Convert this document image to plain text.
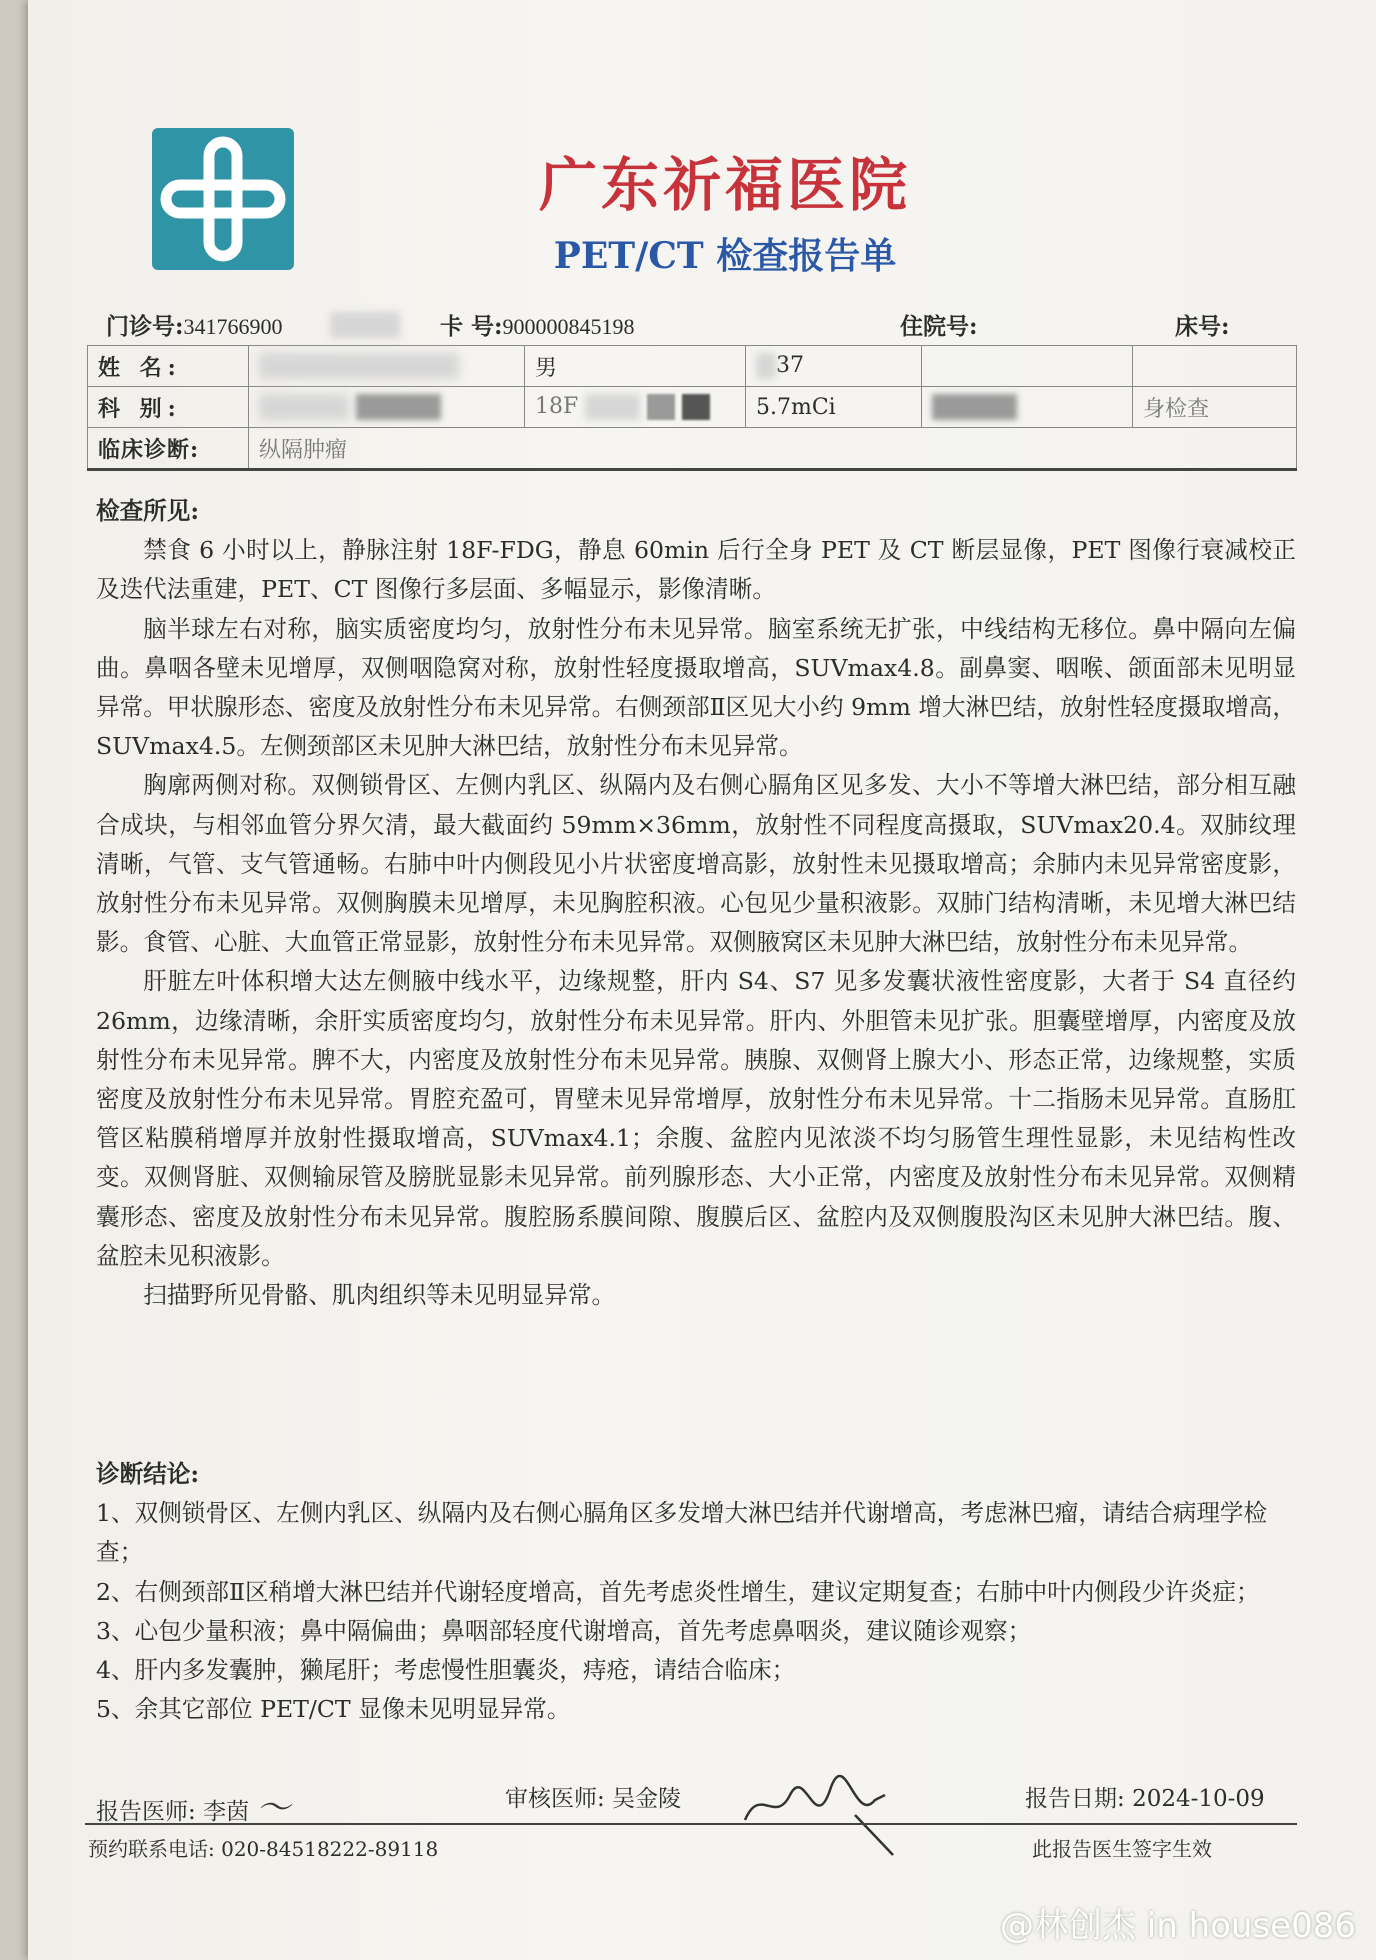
广东祈福医院
PET/CT 检查报告单
门诊号:341766900	卡 号:900000845198	住院号:	床号:
姓 名:		男	37		
科 别:		18F	5.7mCi		身检查
临床诊断:	纵隔肿瘤				

检查所见:

禁食 6 小时以上，静脉注射 18F-FDG，静息 60min 后行全身 PET 及 CT 断层显像，PET 图像行衰减校正及迭代法重建，PET、CT 图像行多层面、多幅显示，影像清晰。

脑半球左右对称，脑实质密度均匀，放射性分布未见异常。脑室系统无扩张，中线结构无移位。鼻中隔向左偏曲。鼻咽各壁未见增厚，双侧咽隐窝对称，放射性轻度摄取增高，SUVmax4.8。副鼻窦、咽喉、颌面部未见明显异常。甲状腺形态、密度及放射性分布未见异常。右侧颈部Ⅱ区见大小约 9mm 增大淋巴结，放射性轻度摄取增高，SUVmax4.5。左侧颈部区未见肿大淋巴结，放射性分布未见异常。

胸廓两侧对称。双侧锁骨区、左侧内乳区、纵隔内及右侧心膈角区见多发、大小不等增大淋巴结，部分相互融合成块，与相邻血管分界欠清，最大截面约 59mm×36mm，放射性不同程度高摄取，SUVmax20.4。双肺纹理清晰，气管、支气管通畅。右肺中叶内侧段见小片状密度增高影，放射性未见摄取增高；余肺内未见异常密度影，放射性分布未见异常。双侧胸膜未见增厚，未见胸腔积液。心包见少量积液影。双肺门结构清晰，未见增大淋巴结影。食管、心脏、大血管正常显影，放射性分布未见异常。双侧腋窝区未见肿大淋巴结，放射性分布未见异常。

肝脏左叶体积增大达左侧腋中线水平，边缘规整，肝内 S4、S7 见多发囊状液性密度影，大者于 S4 直径约 26mm，边缘清晰，余肝实质密度均匀，放射性分布未见异常。肝内、外胆管未见扩张。胆囊壁增厚，内密度及放射性分布未见异常。脾不大，内密度及放射性分布未见异常。胰腺、双侧肾上腺大小、形态正常，边缘规整，实质密度及放射性分布未见异常。胃腔充盈可，胃壁未见异常增厚，放射性分布未见异常。十二指肠未见异常。直肠肛管区粘膜稍增厚并放射性摄取增高，SUVmax4.1；余腹、盆腔内见浓淡不均匀肠管生理性显影，未见结构性改变。双侧肾脏、双侧输尿管及膀胱显影未见异常。前列腺形态、大小正常，内密度及放射性分布未见异常。双侧精囊形态、密度及放射性分布未见异常。腹腔肠系膜间隙、腹膜后区、盆腔内及双侧腹股沟区未见肿大淋巴结。腹、盆腔未见积液影。

扫描野所见骨骼、肌肉组织等未见明显异常。

诊断结论:

1、双侧锁骨区、左侧内乳区、纵隔内及右侧心膈角区多发增大淋巴结并代谢增高，考虑淋巴瘤，请结合病理学检查；

2、右侧颈部Ⅱ区稍增大淋巴结并代谢轻度增高，首先考虑炎性增生，建议定期复查；右肺中叶内侧段少许炎症；

3、心包少量积液；鼻中隔偏曲；鼻咽部轻度代谢增高，首先考虑鼻咽炎，建议随诊观察；

4、肝内多发囊肿，獭尾肝；考虑慢性胆囊炎，痔疮，请结合临床；

5、余其它部位 PET/CT 显像未见明显异常。

报告医师: 李茵 〜	审核医师: 吴金陵	报告日期: 2024-10-09
预约联系电话: 020-84518222-89118	此报告医生签字生效
@林创杰 in house086
